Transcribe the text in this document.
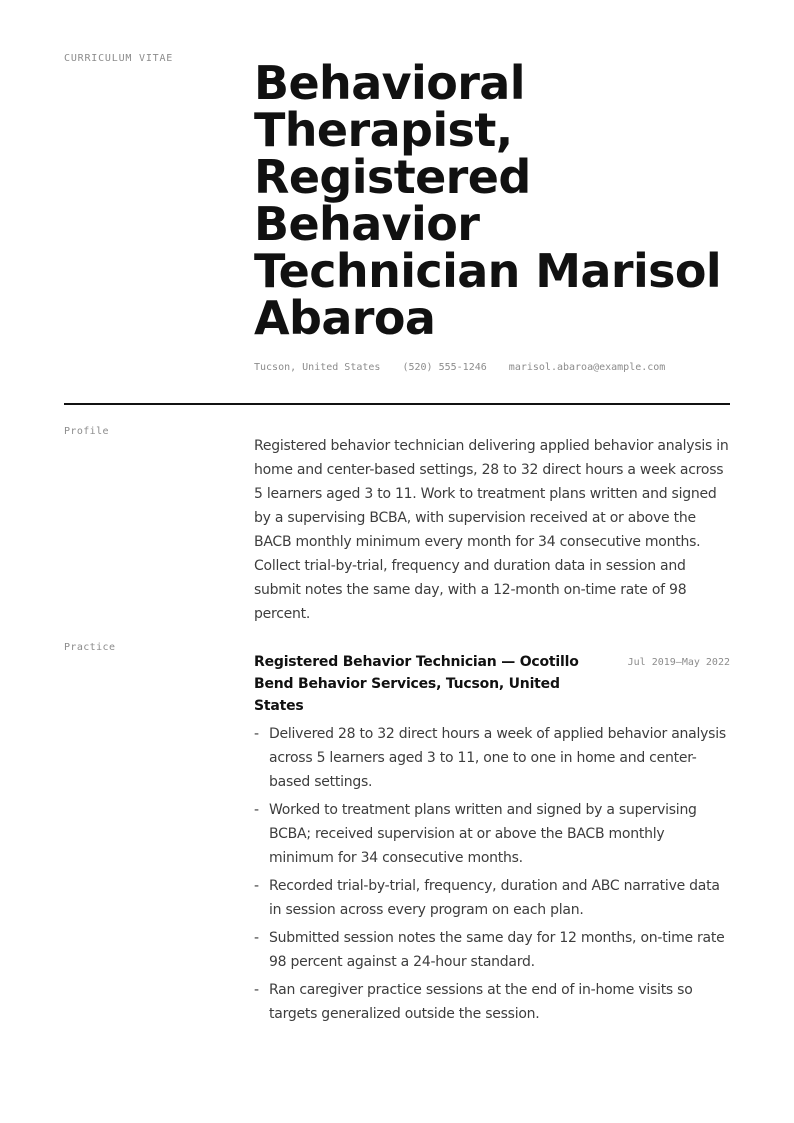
CURRICULUM VITAE Behavioral Therapist, Registered Behavior Technician Marisol Abaroa
Tucson, United States (520) 555-1246 marisol.abaroa@example.com
Profile

Registered behavior technician delivering applied behavior analysis in home and center-based settings, 28 to 32 direct hours a week across 5 learners aged 3 to 11. Work to treatment plans written and signed by a supervising BCBA, with supervision received at or above the BACB monthly minimum every month for 34 consecutive months. Collect trial-by-trial, frequency and duration data in session and submit notes the same day, with a 12-month on-time rate of 98 percent.

Practice
Registered Behavior Technician — Ocotillo Bend Behavior Services, Tucson, United States
Jul 2019–May 2022
- Delivered 28 to 32 direct hours a week of applied behavior analysis across 5 learners aged 3 to 11, one to one in home and center-based settings.
- Worked to treatment plans written and signed by a supervising BCBA; received supervision at or above the BACB monthly minimum for 34 consecutive months.
- Recorded trial-by-trial, frequency, duration and ABC narrative data in session across every program on each plan.
- Submitted session notes the same day for 12 months, on-time rate 98 percent against a 24-hour standard.
- Ran caregiver practice sessions at the end of in-home visits so targets generalized outside the session.
